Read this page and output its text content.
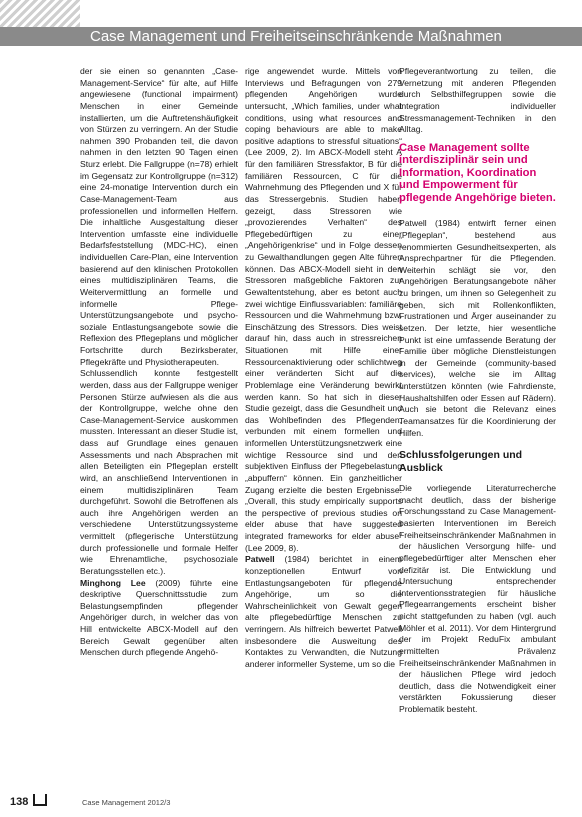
Case Management und Freiheitseinschränkende Maßnahmen

der sie einen so genannten „Case-Management-Service“ für alte, auf Hilfe angewiesene (functional impairment) Menschen in einer Gemeinde installierten, um die Auftretenshäufigkeit von Stürzen zu verringern. An der Studie nahmen 390 Probanden teil, die davon nahmen in den letzten 90 Tagen einen Sturz erlebt. Die Fallgruppe (n=78) erhielt im Gegensatz zur Kontrollgruppe (n=312) eine 24-monatige Intervention durch ein Case-Management-Team aus professionellen und informellen Helfern. Die inhaltliche Ausgestaltung dieser Intervention umfasste eine individuelle Bedarfsfeststellung (MDC-HC), einen individuellen Care-Plan, eine Intervention basierend auf den klinischen Protokollen eines multidisziplinären Teams, die Weitervermittlung an formelle und informelle Pflege-Unterstützungsangebote und psycho-soziale Entlastungsangebote sowie die Reflexion des Pflegeplans und möglicher Fortschritte durch Bezirksberater, Pflegekräfte und Physiotherapeuten.

Schlussendlich konnte festgestellt werden, dass aus der Fallgruppe weniger Personen Stürze aufwiesen als die aus der Kontrollgruppe, welche ohne den Case-Management-Service auskommen mussten. Interessant an dieser Studie ist, dass auf Grundlage eines genauen Assessments und nach Absprachen mit allen Beteiligten ein Pflegeplan erstellt wird, an anschließend Interventionen in einem multidisziplinären Team durchgeführt. Sowohl die Betroffenen als auch ihre Angehörigen werden an verschiedene Unterstützungssysteme vermittelt (pflegerische Unterstützung durch professionelle und formale Helfer wie Ehrenamtliche, psychosoziale Beratungsstellen etc.).

Minghong Lee (2009) führte eine deskriptive Querschnittsstudie zum Belastungsempfinden pflegender Angehöriger durch, in welcher das von Hill entwickelte ABCX-Modell auf den Bereich Gewalt gegenüber alten Menschen durch pflegende Angehö-

rige angewendet wurde. Mittels von Interviews und Befragungen von 279 pflegenden Angehörigen wurde untersucht, „Which families, under what conditions, using what resources and coping behaviours are able to make positive adaptions to stressful situations“ (Lee 2009, 2). Im ABCX-Modell steht A für den familiären Stressfaktor, B für die familiären Ressourcen, C für die Wahrnehmung des Pflegenden und X für das Stressergebnis. Studien haben gezeigt, dass Stressoren wie „provozierendes Verhalten“ des Pflegebedürftigen zu einer „Angehörigenkrise“ und in Folge dessen zu Gewalthandlungen gegen Alte führen können. Das ABCX-Modell sieht in den Stressoren maßgebliche Faktoren zur Gewaltentstehung, aber es betont auch zwei wichtige Einflussvariablen: familiäre Ressourcen und die Wahrnehmung bzw. Einschätzung des Stressors. Dies weist darauf hin, dass auch in stressreichen Situationen mit Hilfe einer Ressourcenaktivierung oder schlichtweg einer veränderten Sicht auf die Problemlage eine Veränderung bewirkt werden kann. So hat sich in dieser Studie gezeigt, dass die Gesundheit und das Wohlbefinden des Pflegenden, verbunden mit einem formellen und informellen Unterstützungsnetzwerk eine wichtige Ressource sind und den subjektiven Einfluss der Pflegebelastung „abpuffern“ können. Ein ganzheitlicher Zugang erzielte die besten Ergebnisse. „Overall, this study empirically supports the perspective of previous studies on elder abuse that have suggested integrated frameworks for elder abuse“ (Lee 2009, 8).

Patwell (1984) berichtet in einem konzeptionellen Entwurf von Entlastungsangeboten für pflegende Angehörige, um so die Wahrscheinlichkeit von Gewalt gegen alte pflegebedürftige Menschen zu verringern. Als hilfreich bewertet Patwell insbesondere die Ausweitung des Kontaktes zu Verwandten, die Nutzung anderer informeller Systeme, um so die

Pflegeverantwortung zu teilen, die Vernetzung mit anderen Pflegenden durch Selbsthilfegruppen sowie die Integration individueller Stressmanagement-Techniken in den Alltag.

Case Management sollte interdisziplinär sein und Information, Koordination und Empowerment für pflegende Angehörige bieten.

Patwell (1984) entwirft ferner einen „Pflegeplan“, bestehend aus renommierten Gesundheitsexperten, als Ansprechpartner für die Pflegenden. Weiterhin schlägt sie vor, den Angehörigen Beratungsangebote näher zu bringen, um ihnen so Gelegenheit zu geben, sich mit Rollenkonflikten, Frustrationen und Ärger auseinander zu setzen. Der letzte, hier wesentliche Punkt ist eine umfassende Beratung der Familie über mögliche Dienstleistungen in der Gemeinde (community-based services), welche sie im Alltag unterstützen könnten (wie Fahrdienste, Haushaltshilfen oder Essen auf Rädern). Auch sie betont die Relevanz eines Teamansatzes für die Koordinierung der Hilfen.

Schlussfolgerungen und Ausblick

Die vorliegende Literaturrecherche macht deutlich, dass der bisherige Forschungsstand zu Case Management-basierten Interventionen im Bereich Freiheitseinschränkender Maßnahmen in der häuslichen Versorgung hilfe- und pflegebedürftiger alter Menschen eher defizitär ist. Die Entwicklung und Untersuchung entsprechender Interventionsstrategien für häusliche Pflegearrangements erscheint bisher nicht stattgefunden zu haben (vgl. auch Möhler et al. 2011). Vor dem Hintergrund der im Projekt ReduFix ambulant ermittelten Prävalenz Freiheitseinschränkender Maßnahmen in der häuslichen Pflege wird jedoch deutlich, dass die Notwendigkeit einer verstärkten Fokussierung dieser Problematik besteht.

138	Case Management 2012/3
